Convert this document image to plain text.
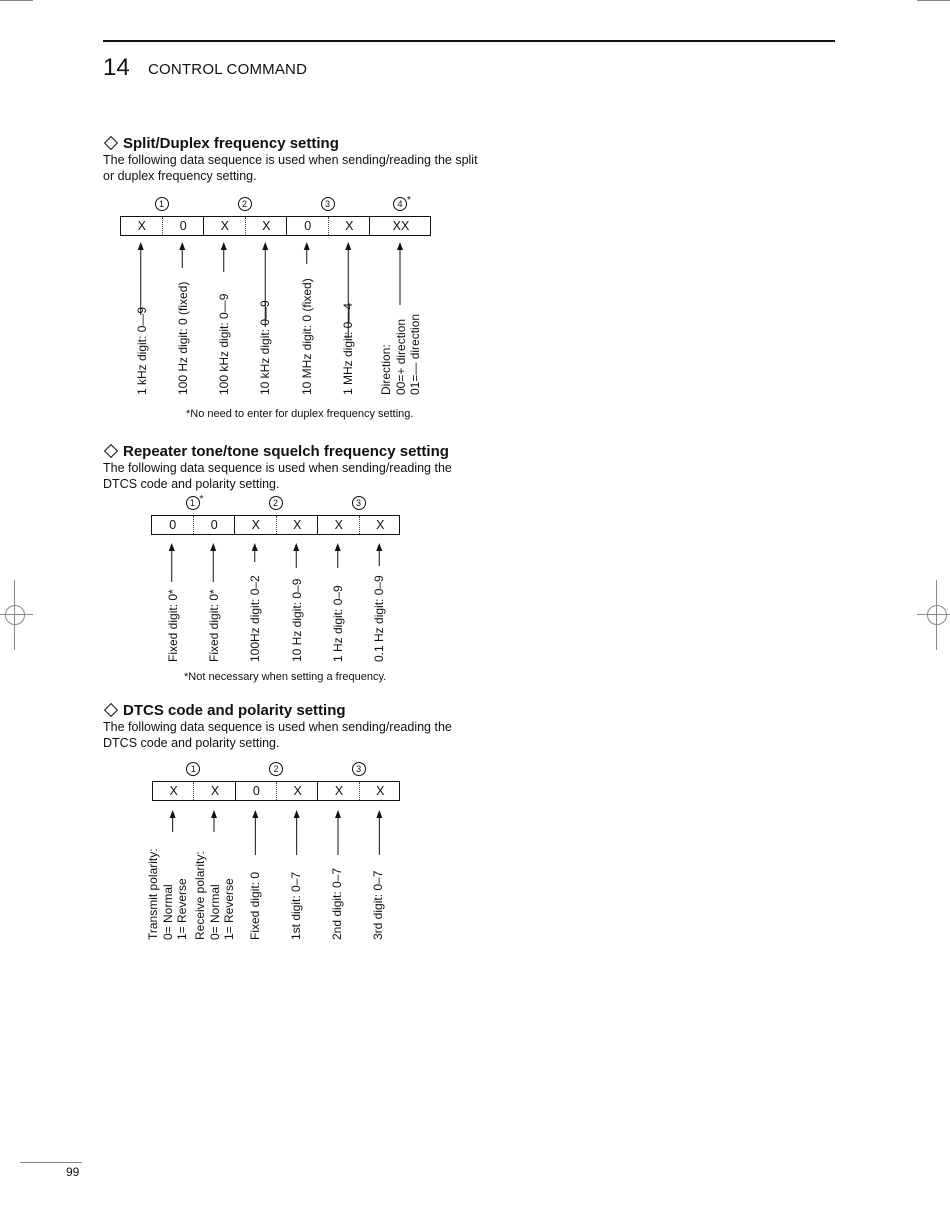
14 CONTROL COMMAND
Split/Duplex frequency setting
The following data sequence is used when sending/reading the split or duplex frequency setting.
X	0	X	X	0	X	XX
1	2	3	4 *
1 kHz digit: 0—9 100 Hz digit: 0 (fixed) 100 kHz digit: 0—9 10 kHz digit: 0—9 10 MHz digit: 0 (fixed) 1 MHz digit: 0—4 Direction: 00=+ direction 01=— direction
*No need to enter for duplex frequency setting.
Repeater tone/tone squelch frequency setting
The following data sequence is used when sending/reading the DTCS code and polarity setting.
0	0	X	X	X	X
1 *	2	3
Fixed digit: 0* Fixed digit: 0* 100Hz digit: 0–2 10 Hz digit: 0–9 1 Hz digit: 0–9 0.1 Hz digit: 0–9
*Not necessary when setting a frequency.
DTCS code and polarity setting
The following data sequence is used when sending/reading the DTCS code and polarity setting.
X	X	0	X	X	X
1	2	3
Transmit polarity: 0= Normal 1= Reverse Receive polarity: 0= Normal 1= Reverse Fixed digit: 0 1st digit: 0–7 2nd digit: 0–7 3rd digit: 0–7
99
